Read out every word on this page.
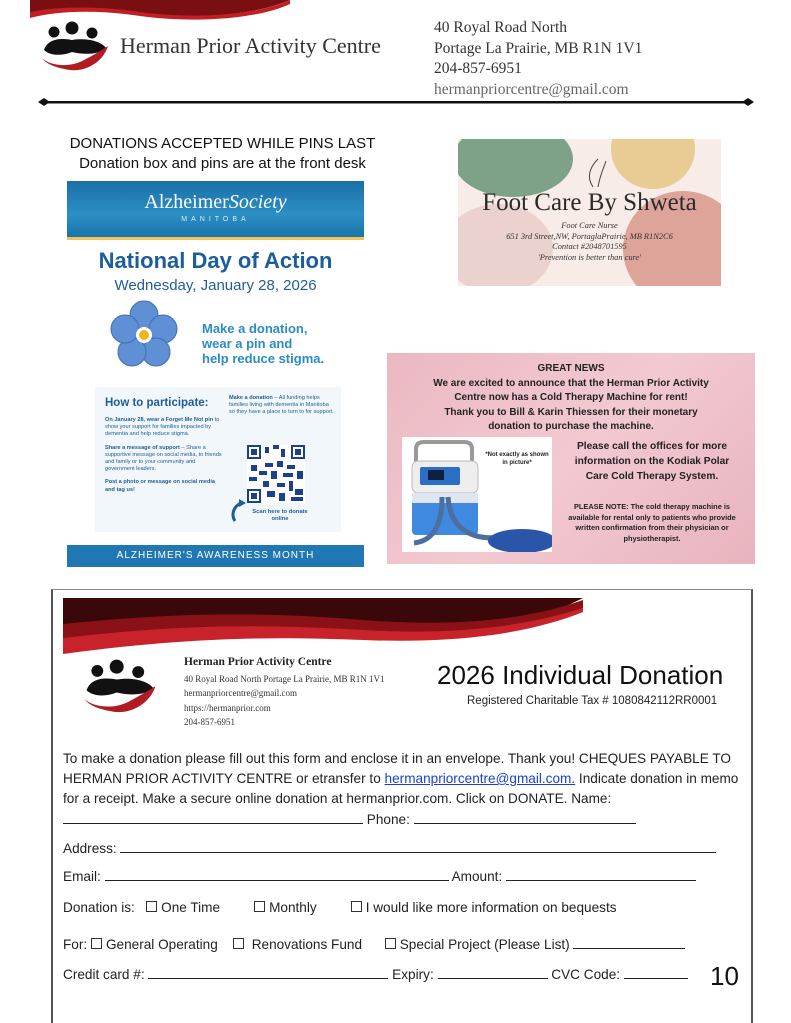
Herman Prior Activity Centre
40 Royal Road North
Portage La Prairie, MB R1N 1V1
204-857-6951
hermanpriorcentre@gmail.com
DONATIONS ACCEPTED WHILE PINS LAST
Donation box and pins are at the front desk
AlzheimerSociety
MANITOBA
National Day of Action
Wednesday, January 28, 2026
Make a donation,
wear a pin and
help reduce stigma.
How to participate:

On January 28, wear a Forget Me Not pin to show your support for families impacted by dementia and help reduce stigma.

Share a message of support – Share a supportive message on social media, to friends and family or to your community and government leaders.

Post a photo or message on social media and tag us!

Make a donation – All funding helps families living with dementia in Manitoba so they have a place to turn to for support.
Scan here to donate online
ALZHEIMER'S AWARENESS MONTH
Foot Care By Shweta
Foot Care Nurse
651 3rd Street,NW, PortaglaPrairie, MB R1N2C6
Contact #2048701595
'Prevention is better than cure'
GREAT NEWS
We are excited to announce that the Herman Prior Activity
Centre now has a Cold Therapy Machine for rent!
Thank you to Bill & Karin Thiessen for their monetary
donation to purchase the machine.
*Not exactly as shown in picture*
Please call the offices for more information on the Kodiak Polar Care Cold Therapy System.
PLEASE NOTE: The cold therapy machine is available for rental only to patients who provide written confirmation from their physician or physiotherapist.
Herman Prior Activity Centre
40 Royal Road North Portage La Prairie, MB R1N 1V1
hermanpriorcentre@gmail.com
https://hermanprior.com
204-857-6951
2026 Individual Donation
Registered Charitable Tax # 1080842112RR0001
To make a donation please fill out this form and enclose it in an envelope. Thank you! CHEQUES PAYABLE TO HERMAN PRIOR ACTIVITY CENTRE or etransfer to hermanpriorcentre@gmail.com. Indicate donation in memo for a receipt. Make a secure online donation at hermanprior.com. Click on DONATE. Name:
Phone:
Address:
Email:	Amount:
Donation is: One Time	Monthly	I would like more information on bequests
For: General Operating Renovations Fund	Special Project (Please List)
Credit card #:	Expiry:	CVC Code:	10
